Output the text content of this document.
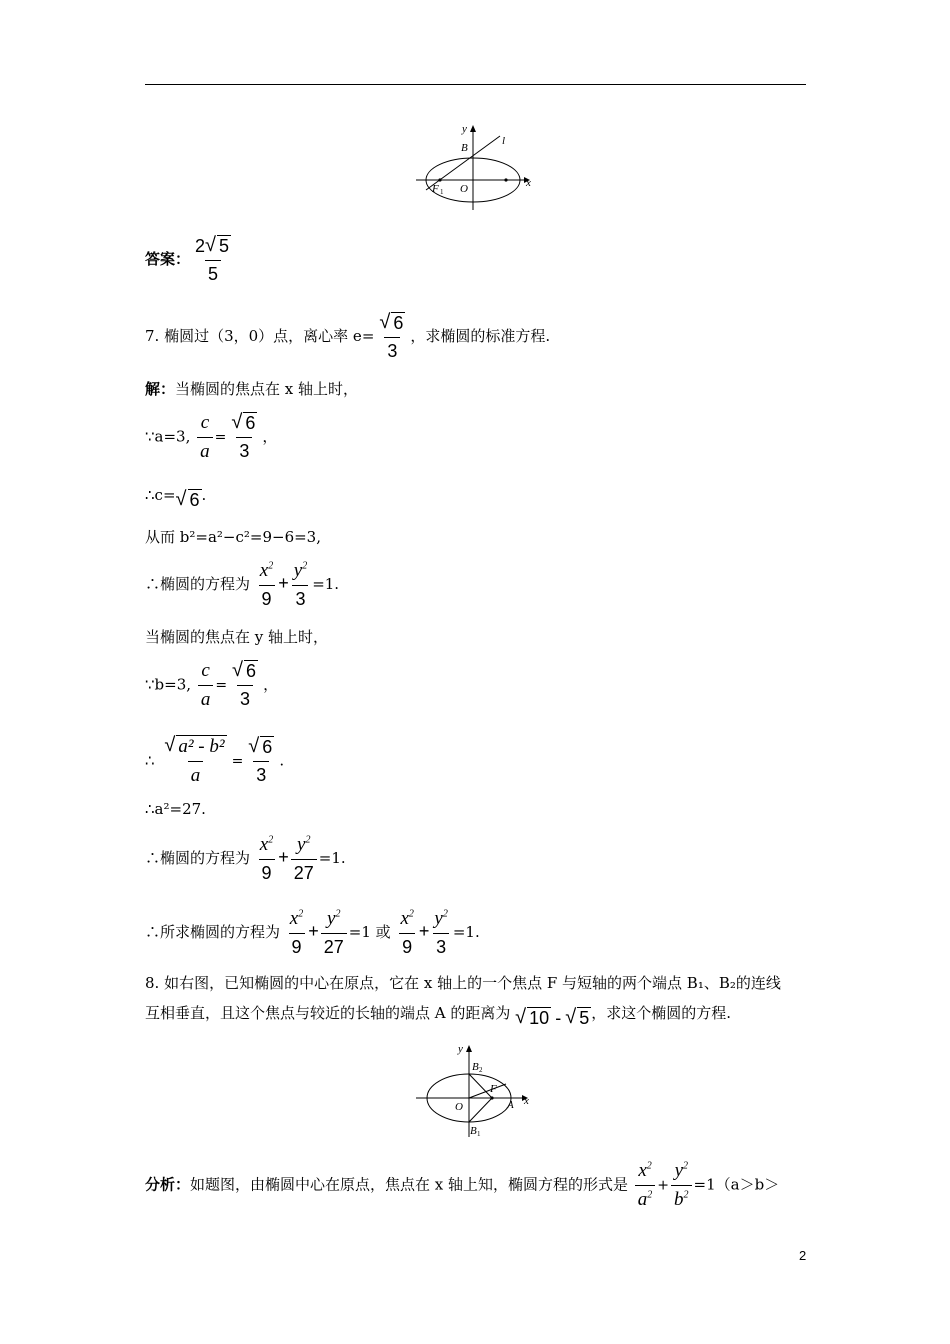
y
l
B
F 1 O	x
答案： $\frac{2 √ 5}{5}$
7. 椭圆过（3，0）点，离心率 $e= \frac{√ 6}{3}$ ，求椭圆的标准方程.
解：当椭圆的焦点在 x 轴上时，
∵a=3, $\frac{c}{a} = \frac{√ 6}{3}$ ，
∴c= √ 6 .
从而 b²=a²−c²=9−6=3,
∴椭圆的方程为 $\frac{x^2}{9} + \frac{y^2}{3} =1$.
当椭圆的焦点在 y 轴上时，
∵b=3, $\frac{c}{a} = \frac{√ 6}{3}$ ，
∴ $\frac{\text{√ a² - b²}}{a} = \frac{√ 6}{3}$ .
∴a²=27.
∴椭圆的方程为 $\frac{x^2}{9} + \frac{y^2}{27} =1$.
∴所求椭圆的方程为 $\frac{x^2}{9} + \frac{y^2}{27} =1$ 或 $\frac{x^2}{9} + \frac{y^2}{3} =1$.
8. 如右图，已知椭圆的中心在原点，它在 x 轴上的一个焦点 F 与短轴的两个端点 B₁、B₂的连线
互相垂直，且这个焦点与较近的长轴的端点 A 的距离为 √ 10 - √ 5 ，求这个椭圆的方程.
y
B 2
F
O	A x
B 1
分析：如题图，由椭圆中心在原点，焦点在 x 轴上知，椭圆方程的形式是 $\frac{x^2}{a^2} + \frac{y^2}{b^2} =1(a>b>$
2
